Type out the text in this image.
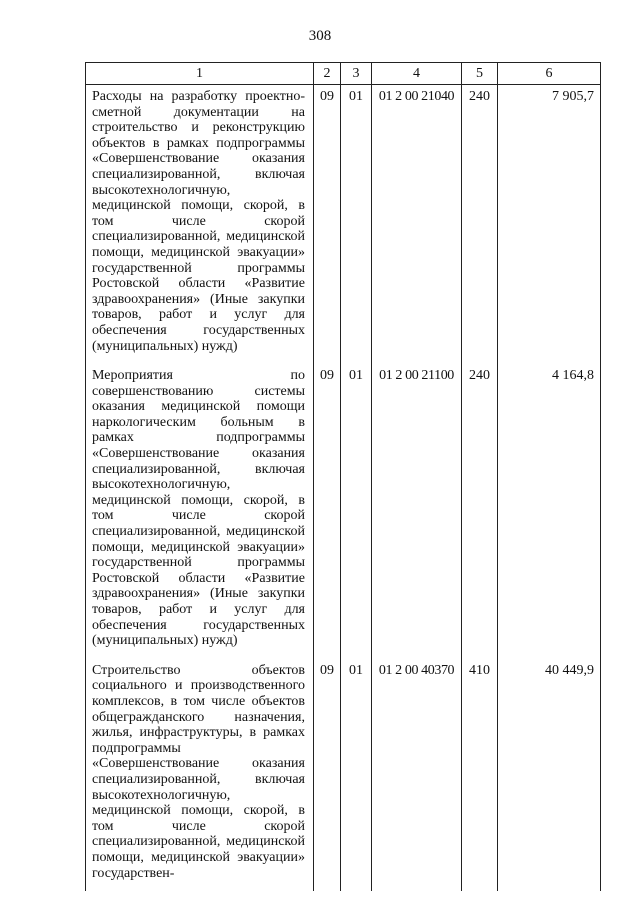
308
1	2	3	4	5	6
Расходы на разработку проектно-сметной документации на строительство и реконструкцию объектов в рамках подпрограммы «Совершенствование оказания специализированной, включая высокотехнологичную, медицинской помощи, скорой, в том числе скорой специализированной, медицинской помощи, медицинской эвакуации» государственной программы Ростовской области «Развитие здравоохранения» (Иные закупки товаров, работ и услуг для обеспечения государственных (муниципальных) нужд)	09	01	01 2 00 21040	240	7 905,7
Мероприятия по совершенствованию системы оказания медицинской помощи наркологическим больным в рамках подпрограммы «Совершенствование оказания специализированной, включая высокотехнологичную, медицинской помощи, скорой, в том числе скорой специализированной, медицинской помощи, медицинской эвакуации» государственной программы Ростовской области «Развитие здравоохранения» (Иные закупки товаров, работ и услуг для обеспечения государственных (муниципальных) нужд)	09	01	01 2 00 21100	240	4 164,8
Строительство объектов социального и производственного комплексов, в том числе объектов общегражданского назначения, жилья, инфраструктуры, в рамках подпрограммы «Совершенствование оказания специализированной, включая высокотехнологичную, медицинской помощи, скорой, в том числе скорой специализированной, медицинской помощи, медицинской эвакуации» государствен-	09	01	01 2 00 40370	410	40 449,9
